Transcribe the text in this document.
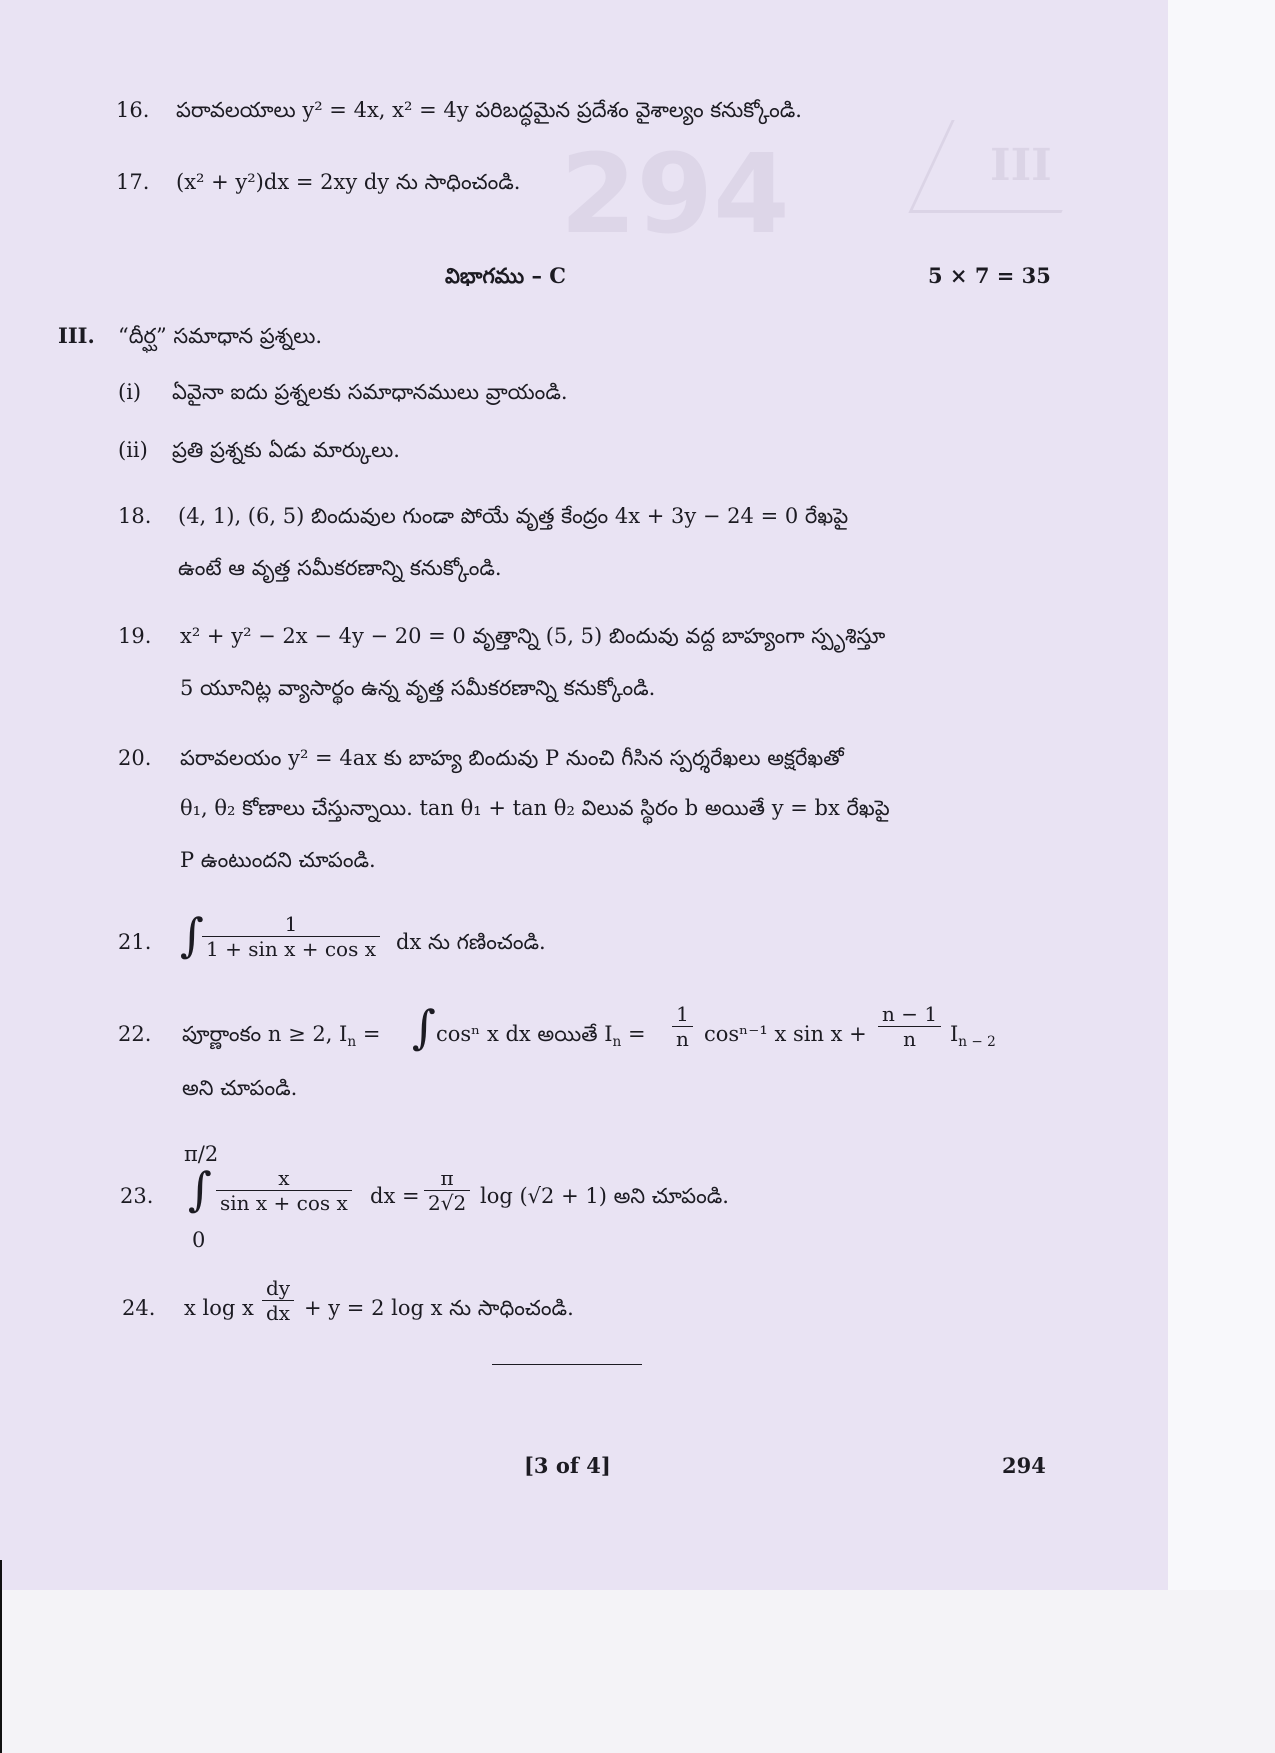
294	III
16. పరావలయాలు y² = 4x, x² = 4y పరిబద్ధమైన ప్రదేశం వైశాల్యం కనుక్కోండి.
17. (x² + y²)dx = 2xy dy ను సాధించండి.
విభాగము – C	5 × 7 = 35
III. “దీర్ఘ” సమాధాన ప్రశ్నలు.
(i) ఏవైనా ఐదు ప్రశ్నలకు సమాధానములు వ్రాయండి.
(ii) ప్రతి ప్రశ్నకు ఏడు మార్కులు.
18. (4, 1), (6, 5) బిందువుల గుండా పోయే వృత్త కేంద్రం 4x + 3y − 24 = 0 రేఖపై
ఉంటే ఆ వృత్త సమీకరణాన్ని కనుక్కోండి.
19. x² + y² − 2x − 4y − 20 = 0 వృత్తాన్ని (5, 5) బిందువు వద్ద బాహ్యంగా స్పృశిస్తూ
5 యూనిట్ల వ్యాసార్థం ఉన్న వృత్త సమీకరణాన్ని కనుక్కోండి.
20. పరావలయం y² = 4ax కు బాహ్య బిందువు P నుంచి గీసిన స్పర్శరేఖలు అక్షరేఖతో
θ₁, θ₂ కోణాలు చేస్తున్నాయి. tan θ₁ + tan θ₂ విలువ స్థిరం b అయితే y = bx రేఖపై
P ఉంటుందని చూపండి.
21. ∫
$\frac{1}{\text{1 + sin x + cos x}}$ dx ను గణించండి.
22. పూర్ణాంకం n ≥ 2, $I_n$ = ∫ cosⁿ x dx అయితే $I_n = \frac{1}{n} \cos^{n-1}$ x $\sin x + \frac{n - 1}{n} I_{n - 2}$
అని చూపండి.
π/2
23. ∫
0
$\frac{x}{\text{sin x + cos x}}$ dx = $\frac{\pi}{2√2}$ log (√2 + 1) అని చూపండి.
24. x log x $\frac{dy}{dx} + y = 2$ log x ను సాధించండి.
[3 of 4]	294
